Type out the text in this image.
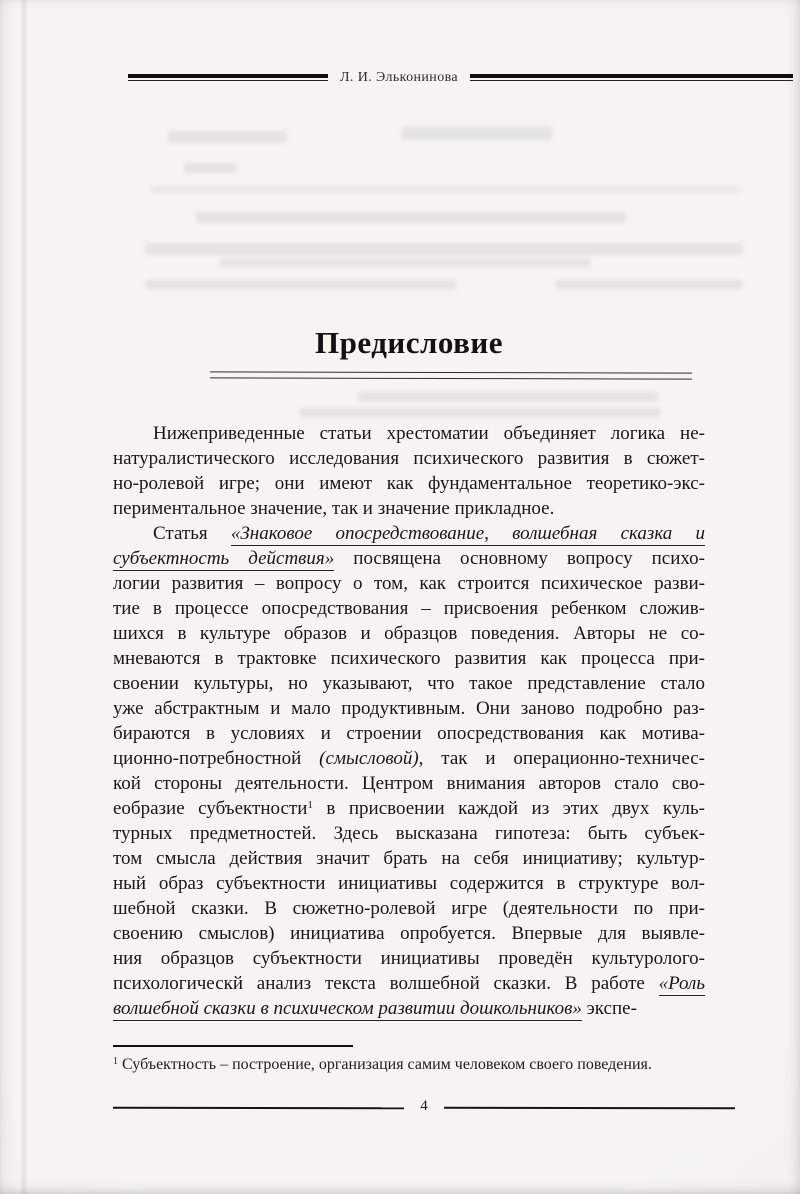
Л. И. Эльконинова
Предисловие
Нижеприведенные статьи хрестоматии объединяет логика не-
натуралистического исследования психического развития в сюжет-
но-ролевой игре; они имеют как фундаментальное теоретико-экс-
периментальное значение, так и значение прикладное.
Статья «Знаковое опосредствование, волшебная сказка и
субъектность действия» посвящена основному вопросу психо-
логии развития – вопросу о том, как строится психическое разви-
тие в процессе опосредствования – присвоения ребенком сложив-
шихся в культуре образов и образцов поведения. Авторы не со-
мневаются в трактовке психического развития как процесса при-
своении культуры, но указывают, что такое представление стало
уже абстрактным и мало продуктивным. Они заново подробно раз-
бираются в условиях и строении опосредствования как мотива-
ционно-потребностной (смысловой), так и операционно-техничес-
кой стороны деятельности. Центром внимания авторов стало сво-
еобразие субъектности$^1$ в присвоении каждой из этих двух куль-
турных предметностей. Здесь высказана гипотеза: быть субъек-
том смысла действия значит брать на себя инициативу; культур-
ный образ субъектности инициативы содержится в структуре вол-
шебной сказки. В сюжетно-ролевой игре (деятельности по при-
своению смыслов) инициатива опробуется. Впервые для выявле-
ния образцов субъектности инициативы проведён культуролого-
психологическй анализ текста волшебной сказки. В работе «Роль
волшебной сказки в психическом развитии дошкольников» экспе-
$^1$ Субъектность – построение, организация самим человеком своего поведения.
4
